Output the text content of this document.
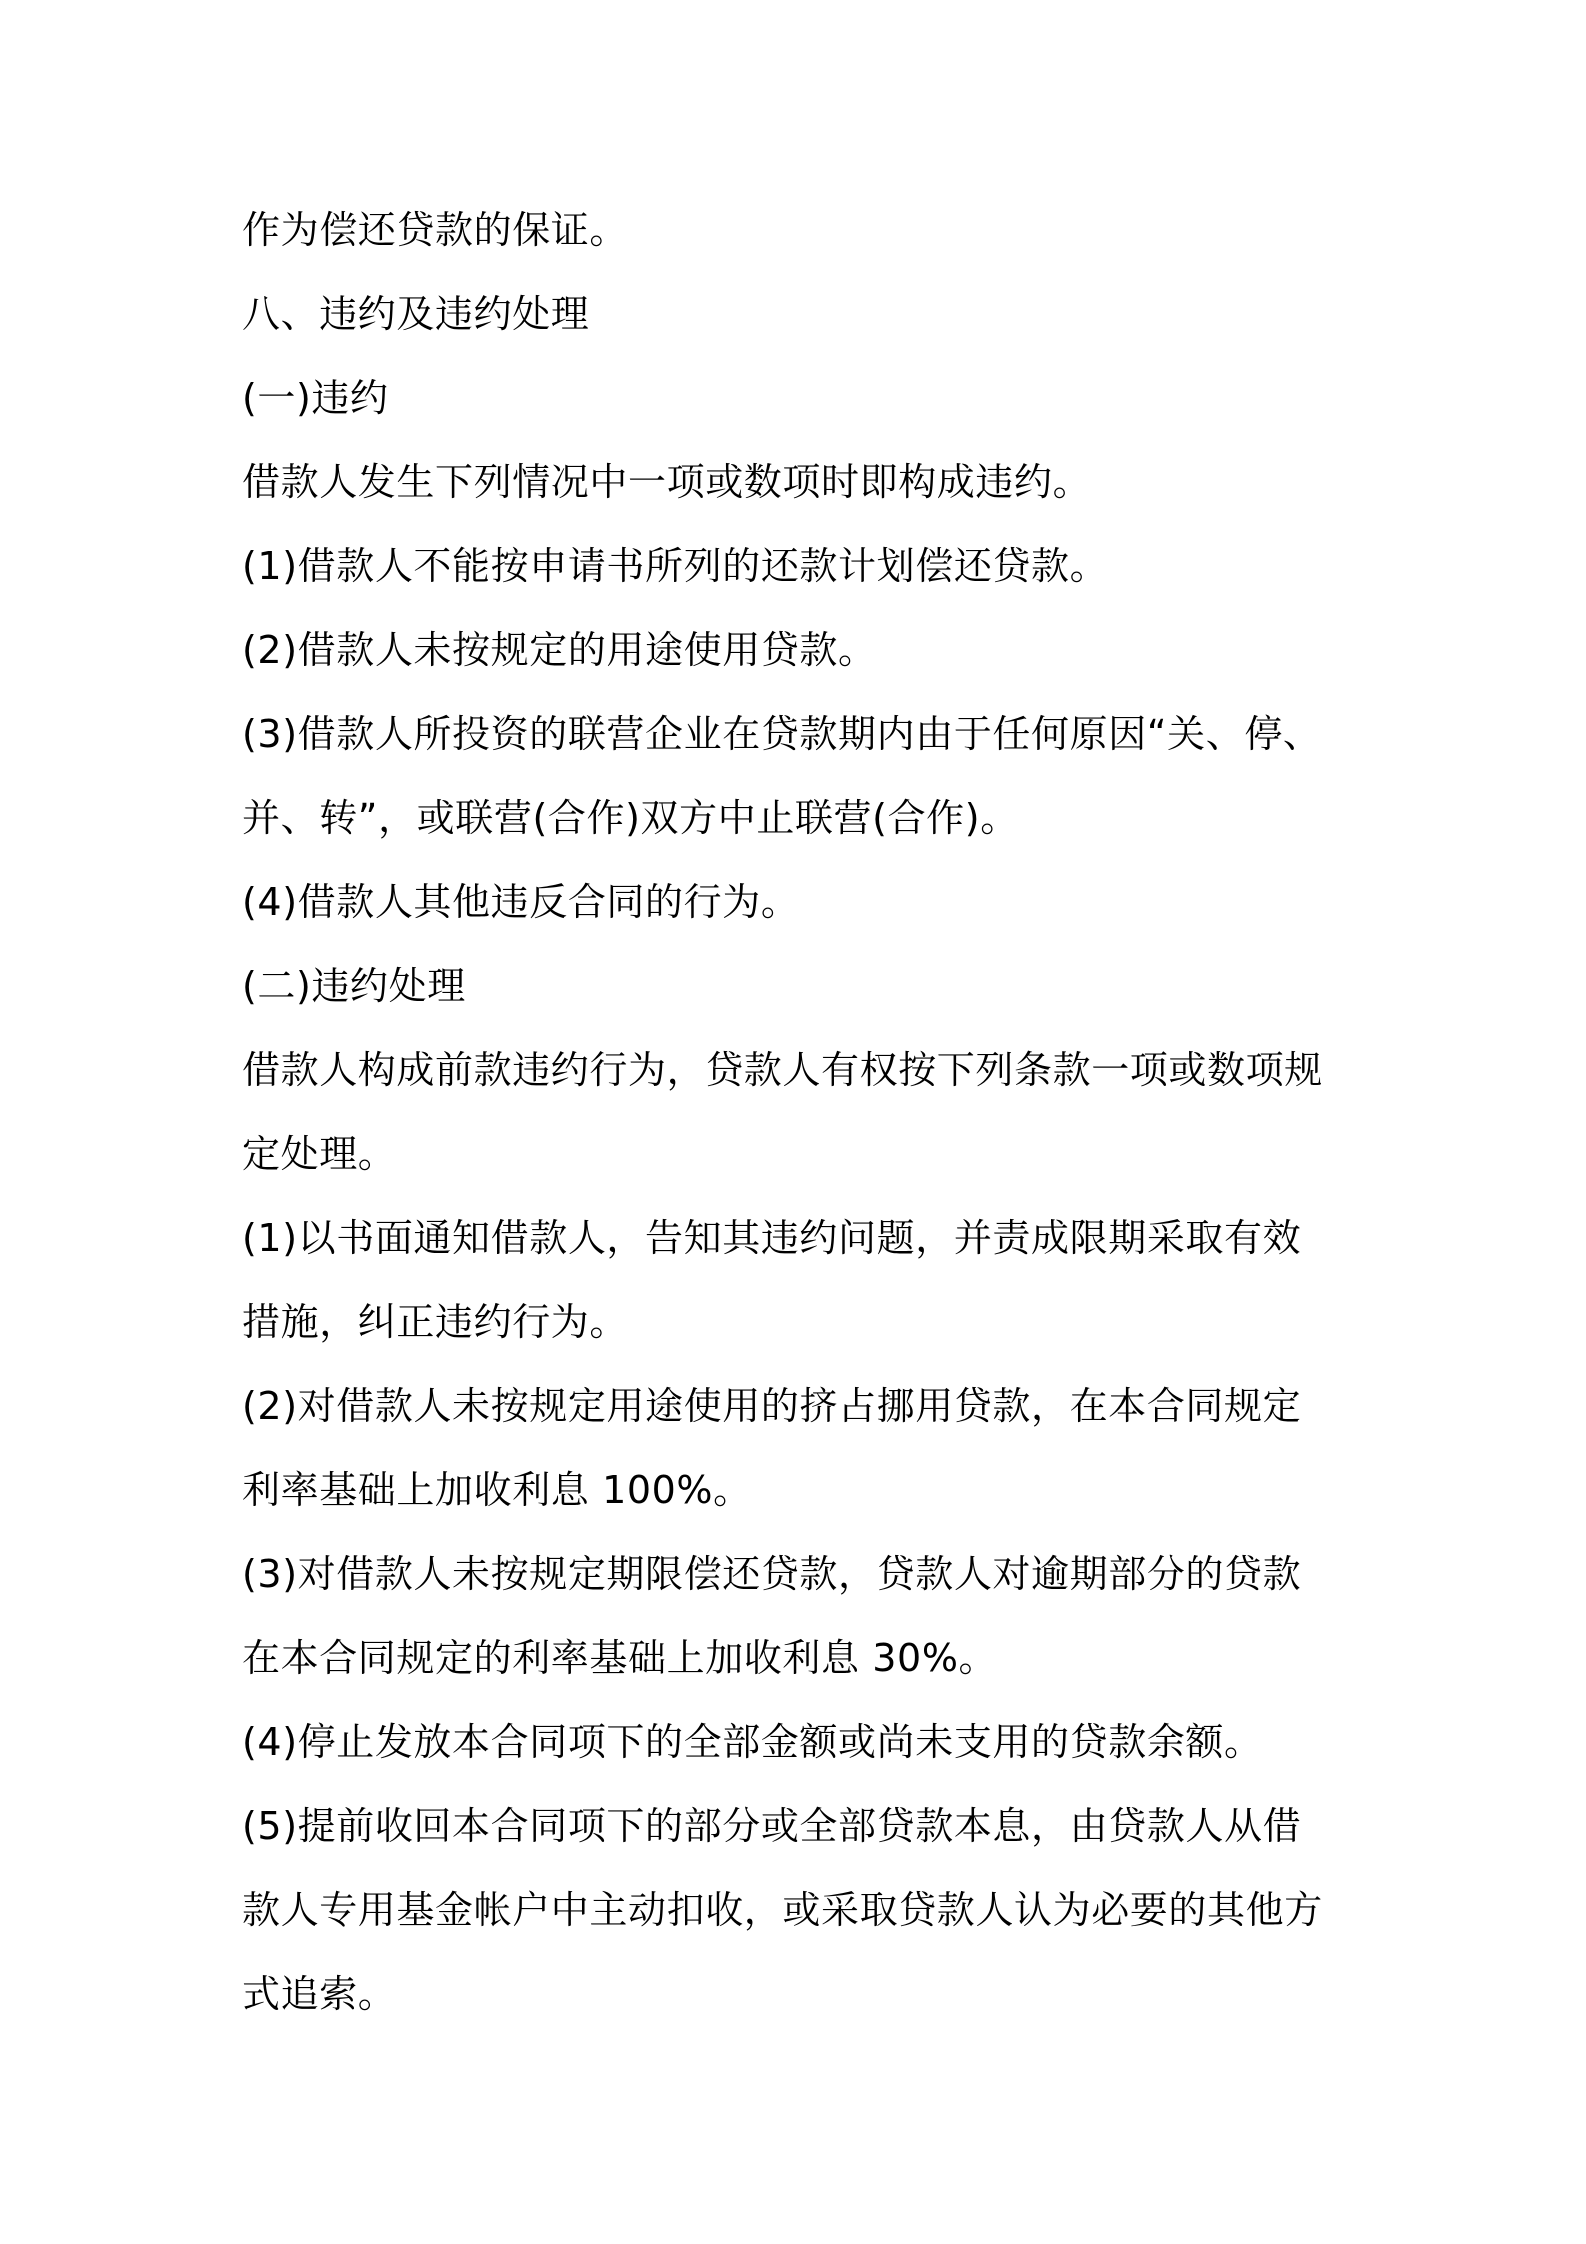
作为偿还贷款的保证。
八、违约及违约处理
(一)违约
借款人发生下列情况中一项或数项时即构成违约。
(1)借款人不能按申请书所列的还款计划偿还贷款。
(2)借款人未按规定的用途使用贷款。
(3)借款人所投资的联营企业在贷款期内由于任何原因“关、停、
并、转”，或联营(合作)双方中止联营(合作)。
(4)借款人其他违反合同的行为。
(二)违约处理
借款人构成前款违约行为，贷款人有权按下列条款一项或数项规
定处理。
(1)以书面通知借款人，告知其违约问题，并责成限期采取有效
措施，纠正违约行为。
(2)对借款人未按规定用途使用的挤占挪用贷款，在本合同规定
利率基础上加收利息 100%。
(3)对借款人未按规定期限偿还贷款，贷款人对逾期部分的贷款
在本合同规定的利率基础上加收利息 30%。
(4)停止发放本合同项下的全部金额或尚未支用的贷款余额。
(5)提前收回本合同项下的部分或全部贷款本息，由贷款人从借
款人专用基金帐户中主动扣收，或采取贷款人认为必要的其他方
式追索。
